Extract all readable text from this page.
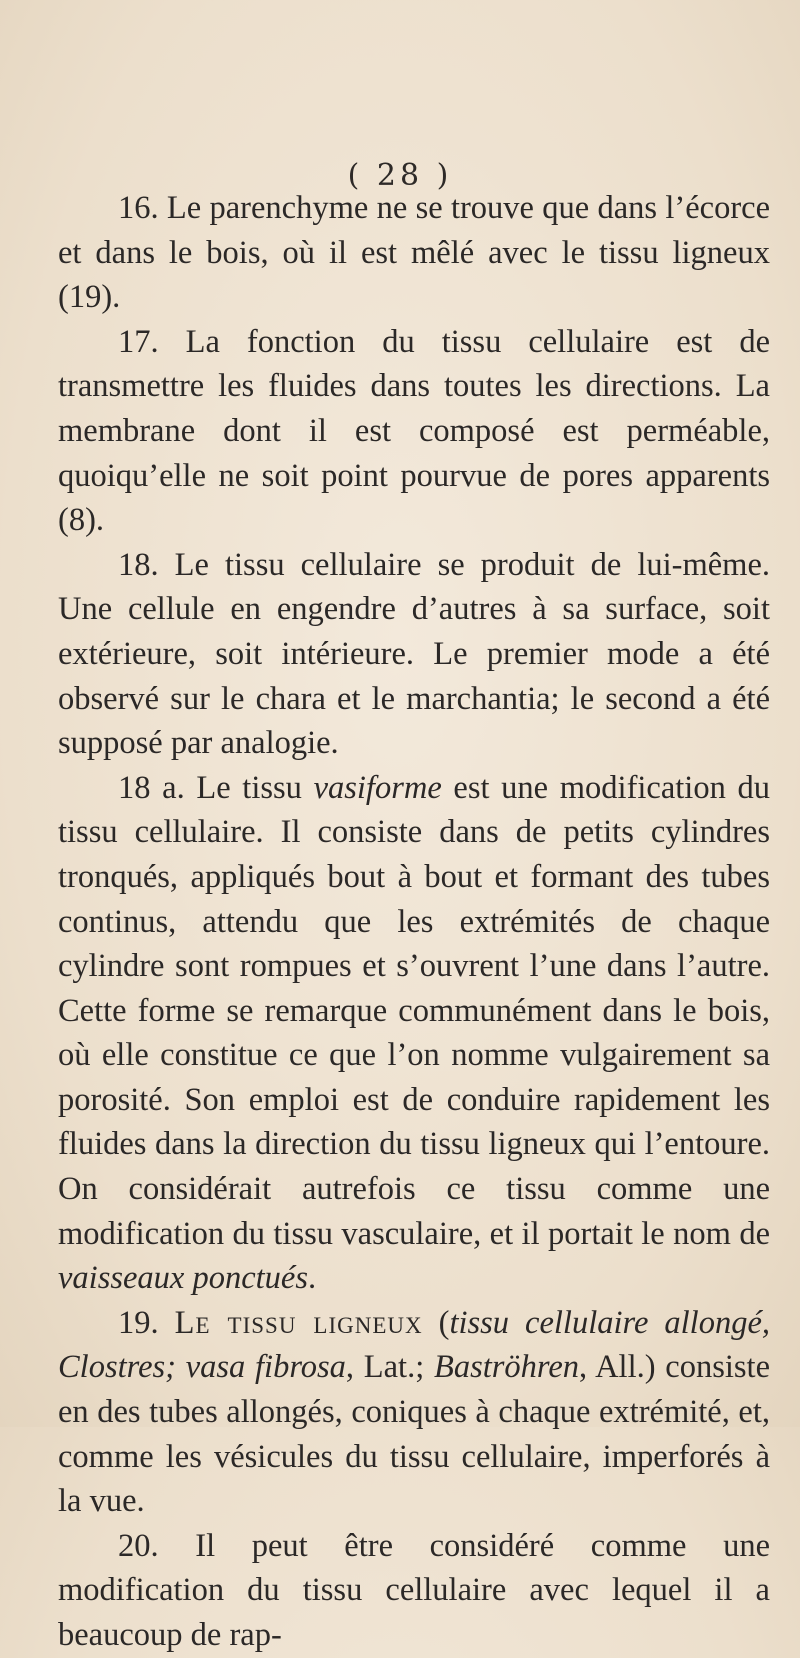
( 28 )

16. Le parenchyme ne se trouve que dans l’écorce et dans le bois, où il est mêlé avec le tissu ligneux (19).

17. La fonction du tissu cellulaire est de transmettre les fluides dans toutes les directions. La membrane dont il est composé est perméable, quoiqu’elle ne soit point pourvue de pores apparents (8).

18. Le tissu cellulaire se produit de lui-même. Une cellule en engendre d’autres à sa surface, soit extérieure, soit intérieure. Le premier mode a été observé sur le chara et le marchantia; le second a été supposé par analogie.

18 a. Le tissu vasiforme est une modification du tissu cellulaire. Il consiste dans de petits cylindres tronqués, appliqués bout à bout et formant des tubes continus, attendu que les extrémités de chaque cylindre sont rompues et s’ouvrent l’une dans l’autre. Cette forme se remarque communément dans le bois, où elle constitue ce que l’on nomme vulgairement sa porosité. Son emploi est de conduire rapidement les fluides dans la direction du tissu ligneux qui l’entoure. On considérait autrefois ce tissu comme une modification du tissu vasculaire, et il portait le nom de vaisseaux ponctués.

19. Le tissu ligneux (tissu cellulaire allongé, Clostres; vasa fibrosa, Lat.; Baströhren, All.) consiste en des tubes allongés, coniques à chaque extrémité, et, comme les vésicules du tissu cellulaire, imperforés à la vue.

20. Il peut être considéré comme une modification du tissu cellulaire avec lequel il a beaucoup de rap-
